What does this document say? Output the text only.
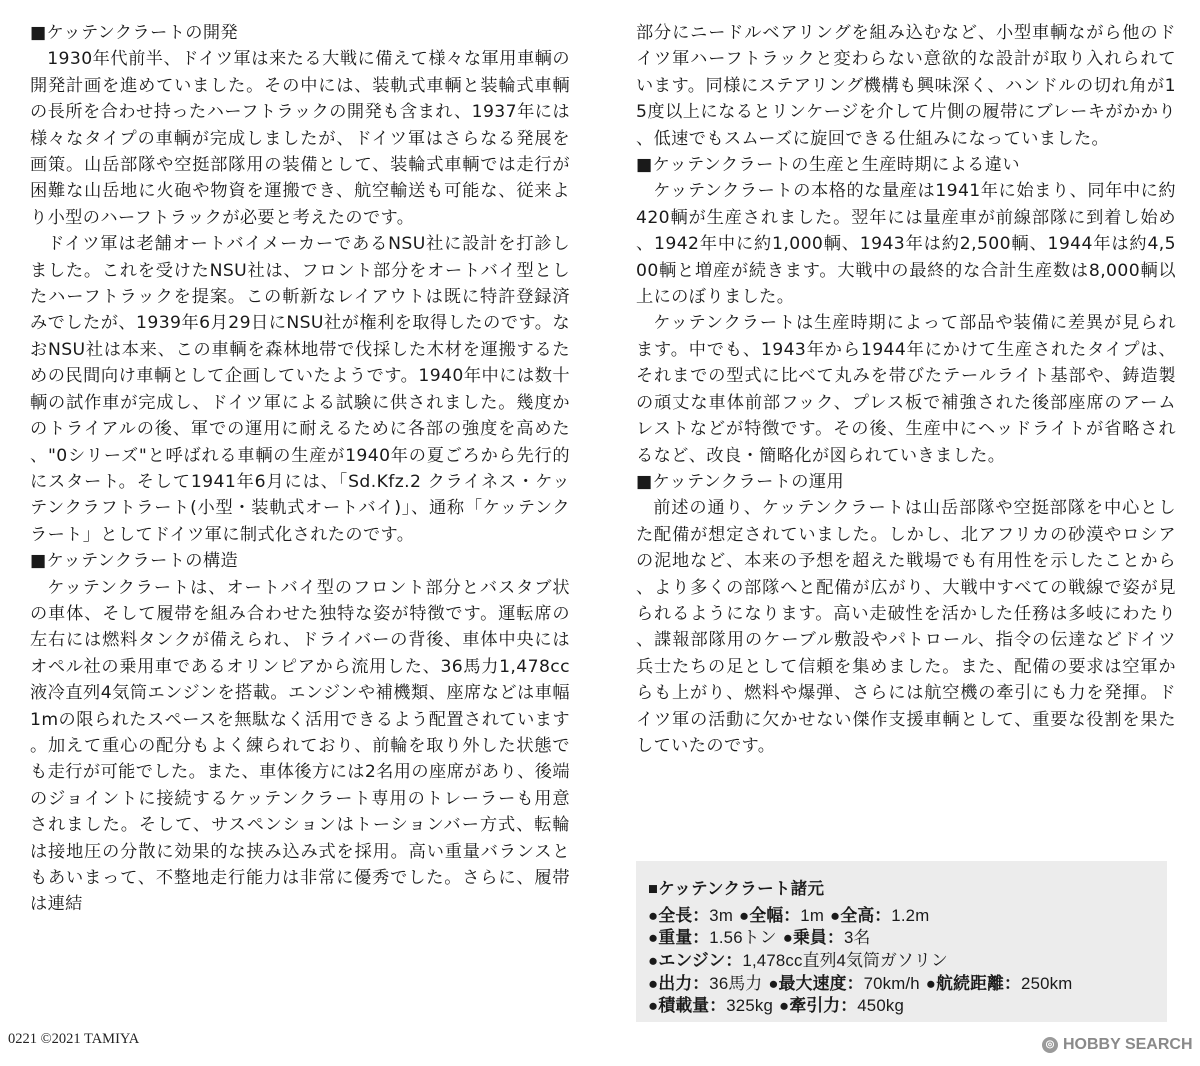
■ケッテンクラートの開発

1930年代前半、ドイツ軍は来たる大戦に備えて様々な軍用車輌の開発計画を進めていました。その中には、装軌式車輌と装輪式車輌の長所を合わせ持ったハーフトラックの開発も含まれ、1937年には様々なタイプの車輌が完成しましたが、ドイツ軍はさらなる発展を画策。山岳部隊や空挺部隊用の装備として、装輪式車輌では走行が困難な山岳地に火砲や物資を運搬でき、航空輸送も可能な、従来より小型のハーフトラックが必要と考えたのです。

ドイツ軍は老舗オートバイメーカーであるNSU社に設計を打診しました。これを受けたNSU社は、フロント部分をオートバイ型としたハーフトラックを提案。この斬新なレイアウトは既に特許登録済みでしたが、1939年6月29日にNSU社が権利を取得したのです。なおNSU社は本来、この車輌を森林地帯で伐採した木材を運搬するための民間向け車輌として企画していたようです。1940年中には数十輌の試作車が完成し、ドイツ軍による試験に供されました。幾度かのトライアルの後、軍での運用に耐えるために各部の強度を高めた、"0シリーズ"と呼ばれる車輌の生産が1940年の夏ごろから先行的にスタート。そして1941年6月には、「Sd.Kfz.2 クライネス・ケッテンクラフトラート(小型・装軌式オートバイ)」、通称「ケッテンクラート」としてドイツ軍に制式化されたのです。

■ケッテンクラートの構造

ケッテンクラートは、オートバイ型のフロント部分とバスタブ状の車体、そして履帯を組み合わせた独特な姿が特徴です。運転席の左右には燃料タンクが備えられ、ドライバーの背後、車体中央にはオペル社の乗用車であるオリンピアから流用した、36馬力1,478cc液冷直列4気筒エンジンを搭載。エンジンや補機類、座席などは車幅1mの限られたスペースを無駄なく活用できるよう配置されています。加えて重心の配分もよく練られており、前輪を取り外した状態でも走行が可能でした。また、車体後方には2名用の座席があり、後端のジョイントに接続するケッテンクラート専用のトレーラーも用意されました。そして、サスペンションはトーションバー方式、転輪は接地圧の分散に効果的な挟み込み式を採用。高い重量バランスともあいまって、不整地走行能力は非常に優秀でした。さらに、履帯は連結

部分にニードルベアリングを組み込むなど、小型車輌ながら他のドイツ軍ハーフトラックと変わらない意欲的な設計が取り入れられています。同様にステアリング機構も興味深く、ハンドルの切れ角が15度以上になるとリンケージを介して片側の履帯にブレーキがかかり、低速でもスムーズに旋回できる仕組みになっていました。

■ケッテンクラートの生産と生産時期による違い

ケッテンクラートの本格的な量産は1941年に始まり、同年中に約420輌が生産されました。翌年には量産車が前線部隊に到着し始め、1942年中に約1,000輌、1943年は約2,500輌、1944年は約4,500輌と増産が続きます。大戦中の最終的な合計生産数は8,000輌以上にのぼりました。

ケッテンクラートは生産時期によって部品や装備に差異が見られます。中でも、1943年から1944年にかけて生産されたタイプは、それまでの型式に比べて丸みを帯びたテールライト基部や、鋳造製の頑丈な車体前部フック、プレス板で補強された後部座席のアームレストなどが特徴です。その後、生産中にヘッドライトが省略されるなど、改良・簡略化が図られていきました。

■ケッテンクラートの運用

前述の通り、ケッテンクラートは山岳部隊や空挺部隊を中心とした配備が想定されていました。しかし、北アフリカの砂漠やロシアの泥地など、本来の予想を超えた戦場でも有用性を示したことから、より多くの部隊へと配備が広がり、大戦中すべての戦線で姿が見られるようになります。高い走破性を活かした任務は多岐にわたり、諜報部隊用のケーブル敷設やパトロール、指令の伝達などドイツ兵士たちの足として信頼を集めました。また、配備の要求は空軍からも上がり、燃料や爆弾、さらには航空機の牽引にも力を発揮。ドイツ軍の活動に欠かせない傑作支援車輌として、重要な役割を果たしていたのです。

■ケッテンクラート諸元
●全長：3m ●全幅：1m ●全高：1.2m
●重量：1.56トン ●乗員：3名
●エンジン：1,478cc直列4気筒ガソリン
●出力：36馬力 ●最大速度：70km/h ●航続距離：250km
●積載量：325kg ●牽引力：450kg
0221 ©2021 TAMIYA	◎ HOBBY SEARCH
